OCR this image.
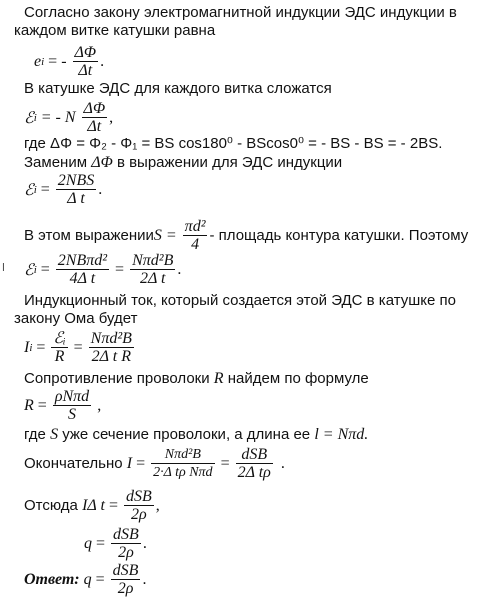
Согласно закону электромагнитной индукции ЭДС индукции в каждом витке катушки равна
e i = - $\frac{\Delta\Phi}{\Delta t}$ .
В катушке ЭДС для каждого витка сложатся
ℰ i = - N $\frac{\Delta\Phi}{\Delta t}$ ,
где ΔΦ = Φ₂ - Φ₁ = BS cos180⁰ - BScos0⁰ = - BS - BS = - 2BS.
Заменим ΔΦ в выражении для ЭДС индукции
ℰ $i = \frac{\text{2NBS}}{\text{Δ t}}$ .
В этом выражении $S = \frac{\text{πd²}}{4}$ - площадь контура катушки. Поэтому
ℰ $i = \frac{\text{2NBπd²}}{\text{4Δ t}} = \frac{\text{Nπd²B}}{\text{2Δ t}}$ .
ǀ
Индукционный ток, который создается этой ЭДС в катушке по закону Ома будет
I $i = \frac{\text{ℰᵢ}}{R} = \frac{\text{Nπd²B}}{\text{2Δ t R}}$
Сопротивление проволоки R найдем по формуле
$R = \frac{\text{ρNπd}}{S}$ ,
где S уже сечение проволоки, а длина ее l = Nπd.
Окончательно $I = \frac{\text{Nπd²B}}{\text{2·Δ tρ Nπd}} = \frac{\text{dSB}}{\text{2Δ tρ}}$ .
Отсюда IΔ $t = \frac{\text{dSB}}{2\rho}$ ,
$q = \frac{\text{dSB}}{2\rho}$ .
Ответ: $q = \frac{\text{dSB}}{2\rho}$ .
